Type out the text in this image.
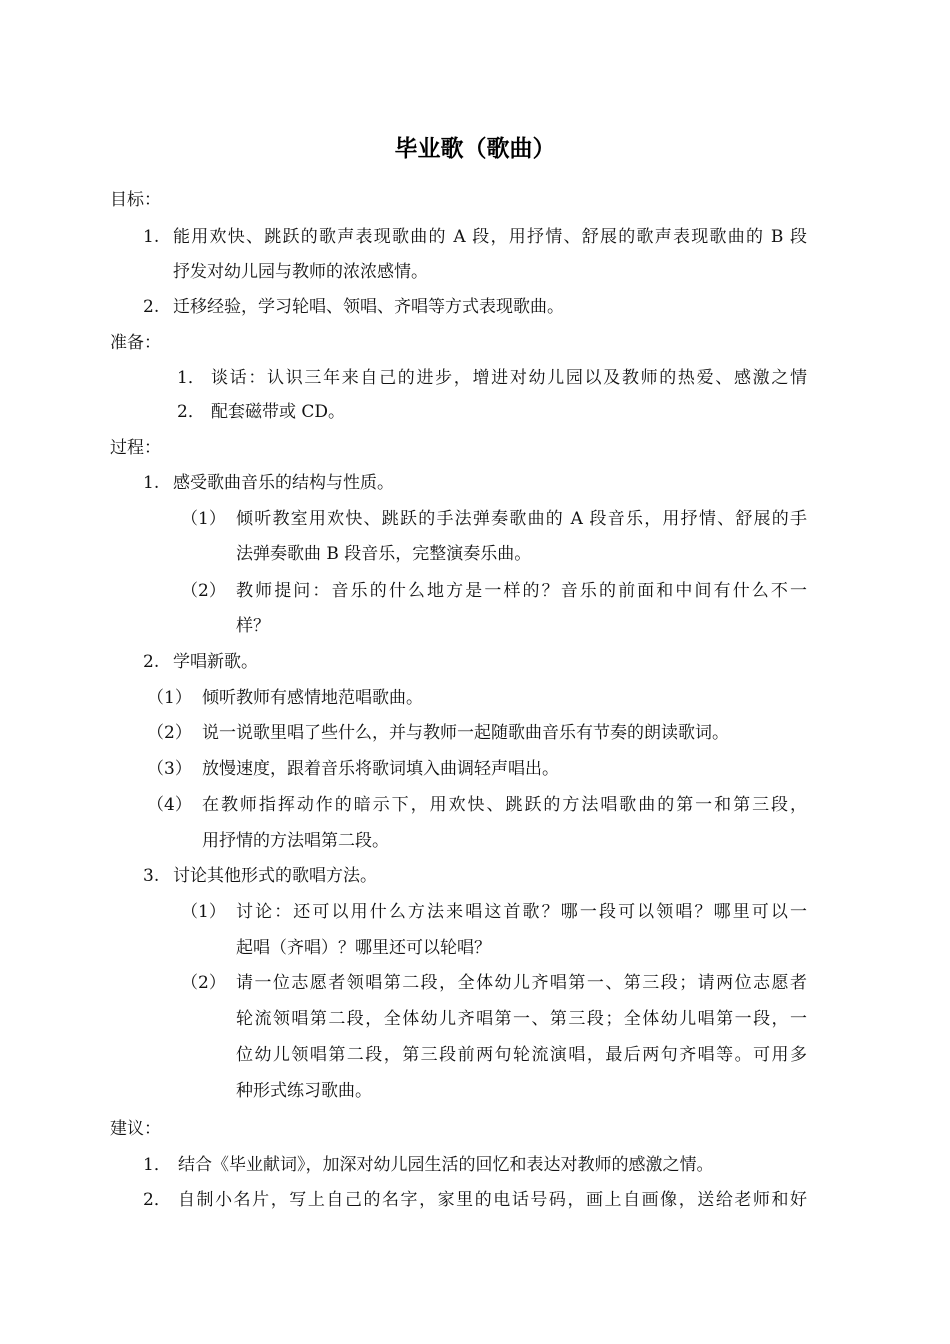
毕业歌（歌曲）
目标：
1. 能用欢快、跳跃的歌声表现歌曲的 A 段，用抒情、舒展的歌声表现歌曲的 B 段
抒发对幼儿园与教师的浓浓感情。
2. 迁移经验，学习轮唱、领唱、齐唱等方式表现歌曲。
准备：
1． 谈话：认识三年来自己的进步，增进对幼儿园以及教师的热爱、感激之情
2． 配套磁带或 CD。
过程：
1. 感受歌曲音乐的结构与性质。
（1） 倾听教室用欢快、跳跃的手法弹奏歌曲的 A 段音乐，用抒情、舒展的手
法弹奏歌曲 B 段音乐，完整演奏乐曲。
（2） 教师提问：音乐的什么地方是一样的？音乐的前面和中间有什么不一
样？
2. 学唱新歌。
（1） 倾听教师有感情地范唱歌曲。
（2） 说一说歌里唱了些什么，并与教师一起随歌曲音乐有节奏的朗读歌词。
（3） 放慢速度，跟着音乐将歌词填入曲调轻声唱出。
（4） 在教师指挥动作的暗示下，用欢快、跳跃的方法唱歌曲的第一和第三段，
用抒情的方法唱第二段。
3. 讨论其他形式的歌唱方法。
（1） 讨论：还可以用什么方法来唱这首歌？哪一段可以领唱？哪里可以一
起唱（齐唱）？哪里还可以轮唱？
（2） 请一位志愿者领唱第二段，全体幼儿齐唱第一、第三段；请两位志愿者
轮流领唱第二段，全体幼儿齐唱第一、第三段；全体幼儿唱第一段，一
位幼儿领唱第二段，第三段前两句轮流演唱，最后两句齐唱等。可用多
种形式练习歌曲。
建议：
1． 结合《毕业献词》，加深对幼儿园生活的回忆和表达对教师的感激之情。
2． 自制小名片，写上自己的名字，家里的电话号码，画上自画像，送给老师和好
